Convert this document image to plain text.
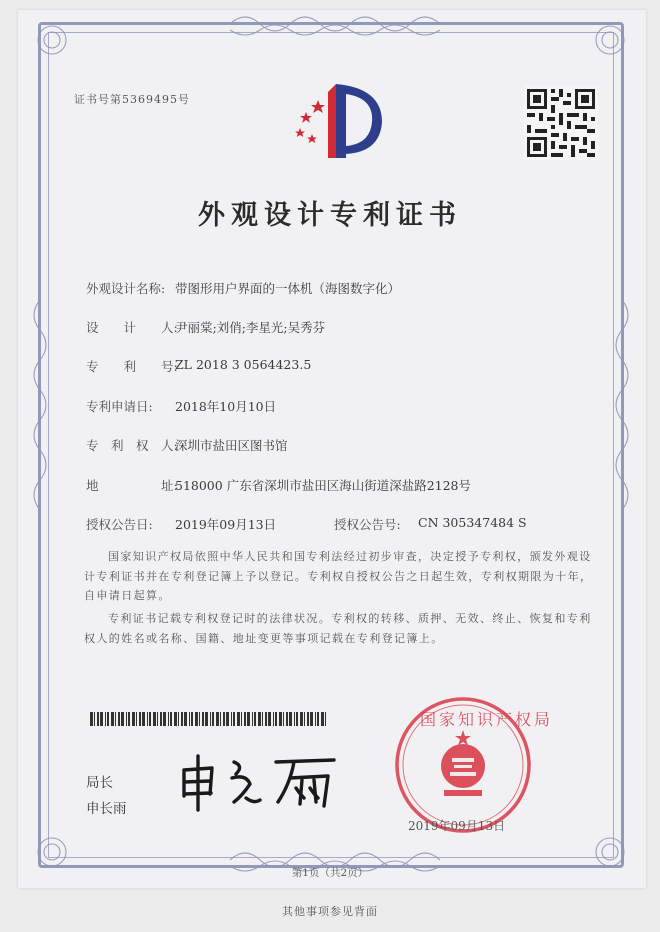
证书号第5369495号
外观设计专利证书
外观设计名称: 带图形用户界面的一体机（海图数字化）
设　　计　　人:
尹丽棠;刘俏;李星光;吴秀芬
专　　利　　号:
ZL 2018 3 0564423.5
专利申请日: 2018年10月10日
专　利　权　人:
深圳市盐田区图书馆
地　　　　　址:
518000 广东省深圳市盐田区海山街道深盐路2128号
授权公告日: 2019年09月13日	授权公告号: CN 305347484 S
国家知识产权局依照中华人民共和国专利法经过初步审查，决定授予专利权，颁发外观设计专利证书并在专利登记簿上予以登记。专利权自授权公告之日起生效，专利权期限为十年，自申请日起算。
专利证书记载专利权登记时的法律状况。专利权的转移、质押、无效、终止、恢复和专利权人的姓名或名称、国籍、地址变更等事项记载在专利登记簿上。
局长
申长雨
国家知识产权局
2019年09月13日
第1页（共2页）
其他事项参见背面
